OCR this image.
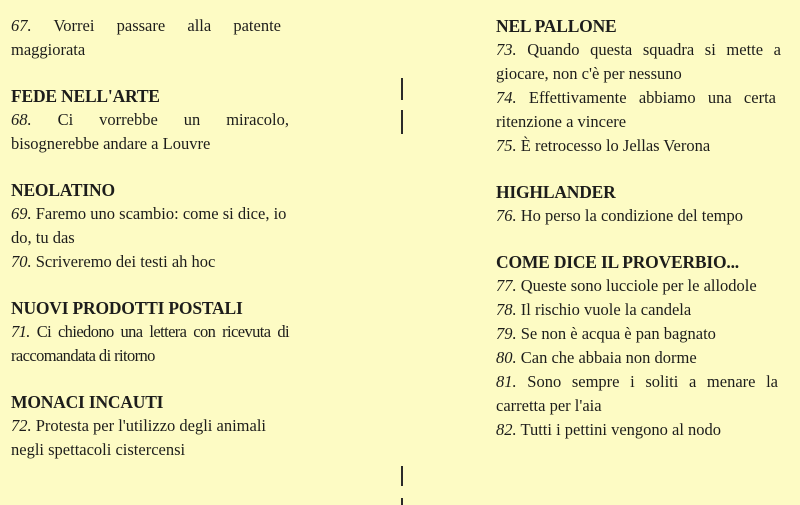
67. Vorrei passare alla patente maggiorata

FEDE NELL'ARTE

68. Ci vorrebbe un miracolo, bisognerebbe andare a Louvre

NEOLATINO

69. Faremo uno scambio: come si dice, io do, tu das

70. Scriveremo dei testi ah hoc

NUOVI PRODOTTI POSTALI

71. Ci chiedono una lettera con ricevuta di raccomandata di ritorno

MONACI INCAUTI

72. Protesta per l'utilizzo degli animali negli spettacoli cistercensi

NEL PALLONE

73. Quando questa squadra si mette a giocare, non c'è per nessuno

74. Effettivamente abbiamo una certa ritenzione a vincere

75. È retrocesso lo Jellas Verona

HIGHLANDER

76. Ho perso la condizione del tempo

COME DICE IL PROVERBIO...

77. Queste sono lucciole per le allodole

78. Il rischio vuole la candela

79. Se non è acqua è pan bagnato

80. Can che abbaia non dorme

81. Sono sempre i soliti a menare la carretta per l'aia

82. Tutti i pettini vengono al nodo
